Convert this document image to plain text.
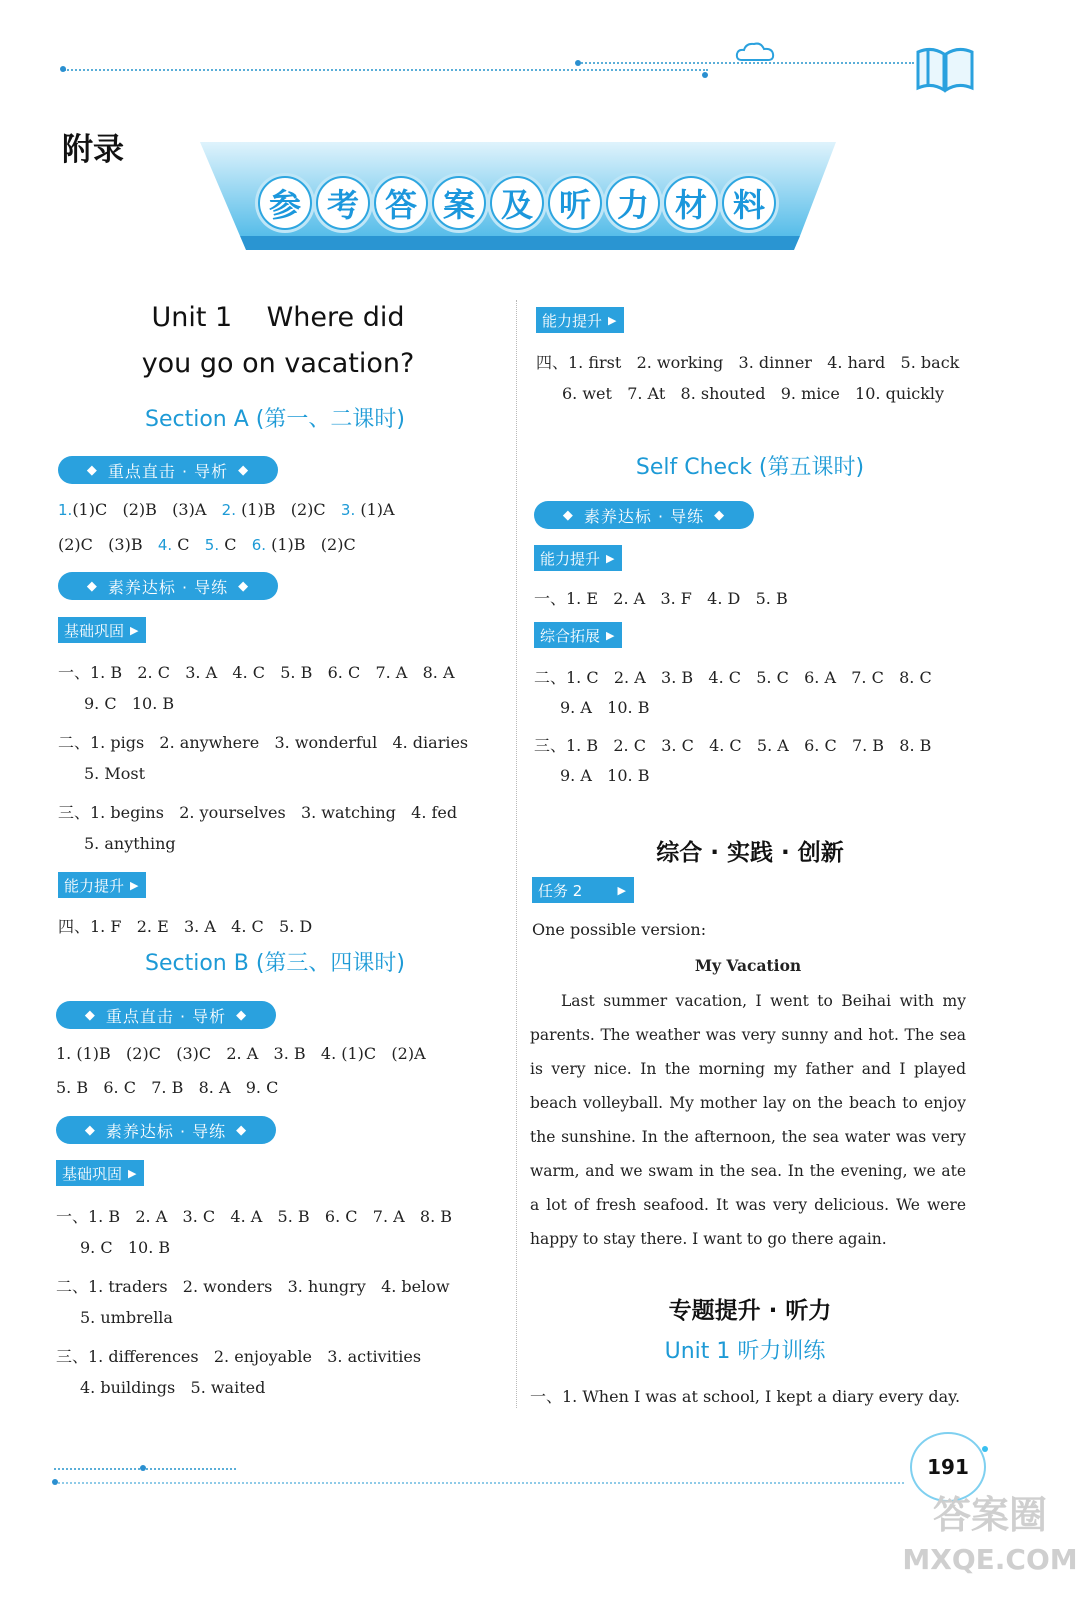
附录
参 考 答 案 及 听 力 材 料
Unit 1    Where did
you go on vacation?
Section A (第一、二课时)
◆ 重点直击 · 导析 ◆
1.(1)C (2)B (3)A 2. (1)B (2)C 3. (1)A
(2)C (3)B 4. C 5. C 6. (1)B (2)C
◆ 素养达标 · 导练 ◆
基础巩固 ▶
一、1. B   2. C   3. A   4. C   5. B   6. C   7. A   8. A
9. C   10. B
二、1. pigs   2. anywhere   3. wonderful   4. diaries
5. Most
三、1. begins   2. yourselves   3. watching   4. fed
5. anything
能力提升 ▶
四、1. F   2. E   3. A   4. C   5. D
Section B (第三、四课时)
◆ 重点直击 · 导析 ◆
1. (1)B   (2)C   (3)C   2. A   3. B   4. (1)C   (2)A
5. B   6. C   7. B   8. A   9. C
◆ 素养达标 · 导练 ◆
基础巩固 ▶
一、1. B   2. A   3. C   4. A   5. B   6. C   7. A   8. B
9. C   10. B
二、1. traders   2. wonders   3. hungry   4. below
5. umbrella
三、1. differences   2. enjoyable   3. activities
4. buildings   5. waited
能力提升 ▶
四、1. first   2. working   3. dinner   4. hard   5. back
6. wet   7. At   8. shouted   9. mice   10. quickly
Self Check (第五课时)
◆ 素养达标 · 导练 ◆
能力提升 ▶
一、1. E   2. A   3. F   4. D   5. B
综合拓展 ▶
二、1. C   2. A   3. B   4. C   5. C   6. A   7. C   8. C
9. A   10. B
三、1. B   2. C   3. C   4. C   5. A   6. C   7. B   8. B
9. A   10. B
综合 · 实践 · 创新
任务 2	▶
One possible version:
My Vacation

Last summer vacation, I went to Beihai with my parents. The weather was very sunny and hot. The sea is very nice. In the morning my father and I played beach volleyball. My mother lay on the beach to enjoy the sunshine. In the afternoon, the sea water was very warm, and we swam in the sea. In the evening, we ate a lot of fresh seafood. It was very delicious. We were happy to stay there. I want to go there again.

专题提升 · 听力
Unit 1 听力训练
一、1. When I was at school, I kept a diary every day.
191
答案圈
MXQE.COM
